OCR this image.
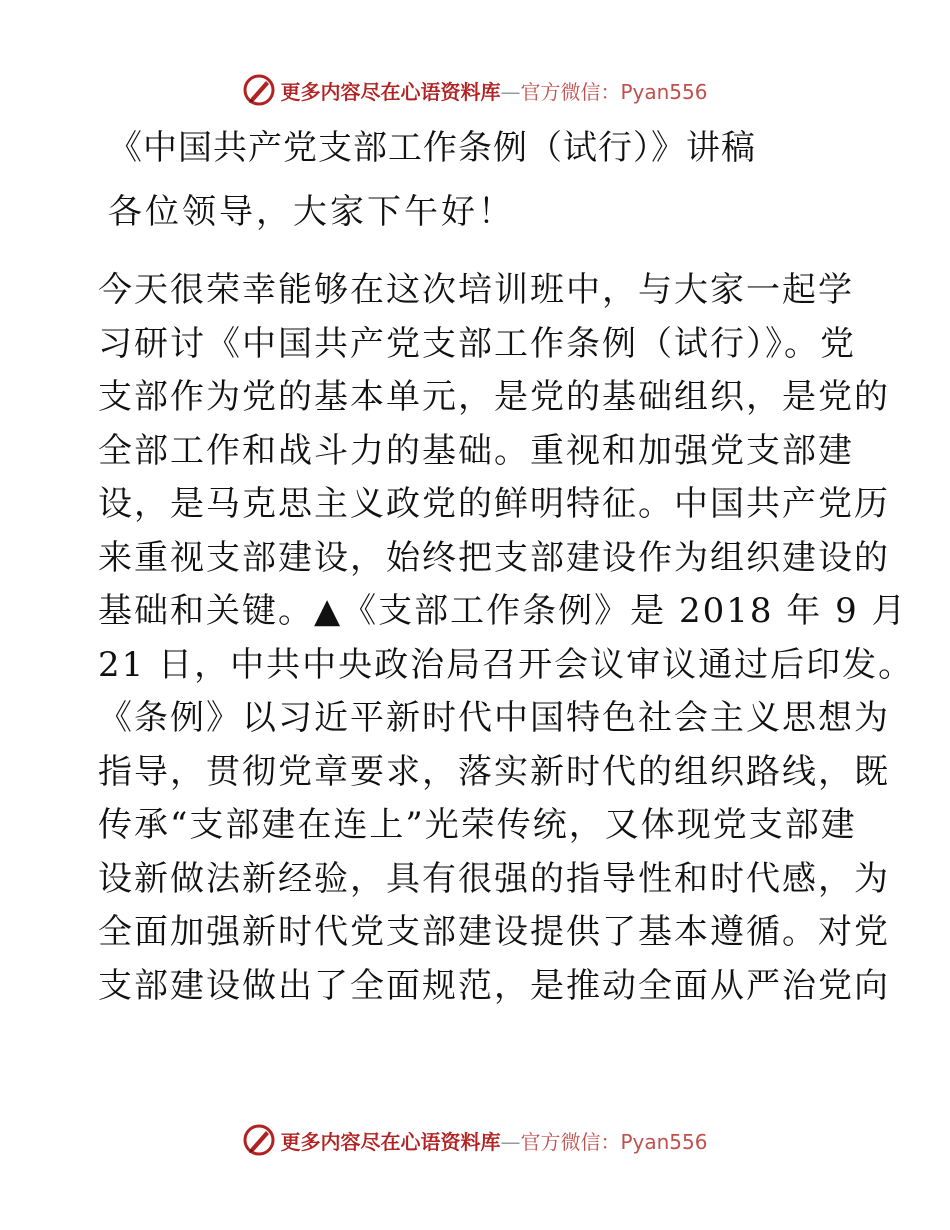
更多内容尽在心语资料库—官方微信：Pyan556
《中国共产党支部工作条例（试行）》讲稿
各位领导，大家下午好！
今天很荣幸能够在这次培训班中，与大家一起学
习研讨《中国共产党支部工作条例（试行）》。党
支部作为党的基本单元，是党的基础组织，是党的
全部工作和战斗力的基础。重视和加强党支部建
设，是马克思主义政党的鲜明特征。中国共产党历
来重视支部建设，始终把支部建设作为组织建设的
基础和关键。▲《支部工作条例》是 2018 年 9 月
21 日，中共中央政治局召开会议审议通过后印发。
《条例》以习近平新时代中国特色社会主义思想为
指导，贯彻党章要求，落实新时代的组织路线，既
传承“支部建在连上”光荣传统，又体现党支部建
设新做法新经验，具有很强的指导性和时代感，为
全面加强新时代党支部建设提供了基本遵循。对党
支部建设做出了全面规范，是推动全面从严治党向
更多内容尽在心语资料库—官方微信：Pyan556
